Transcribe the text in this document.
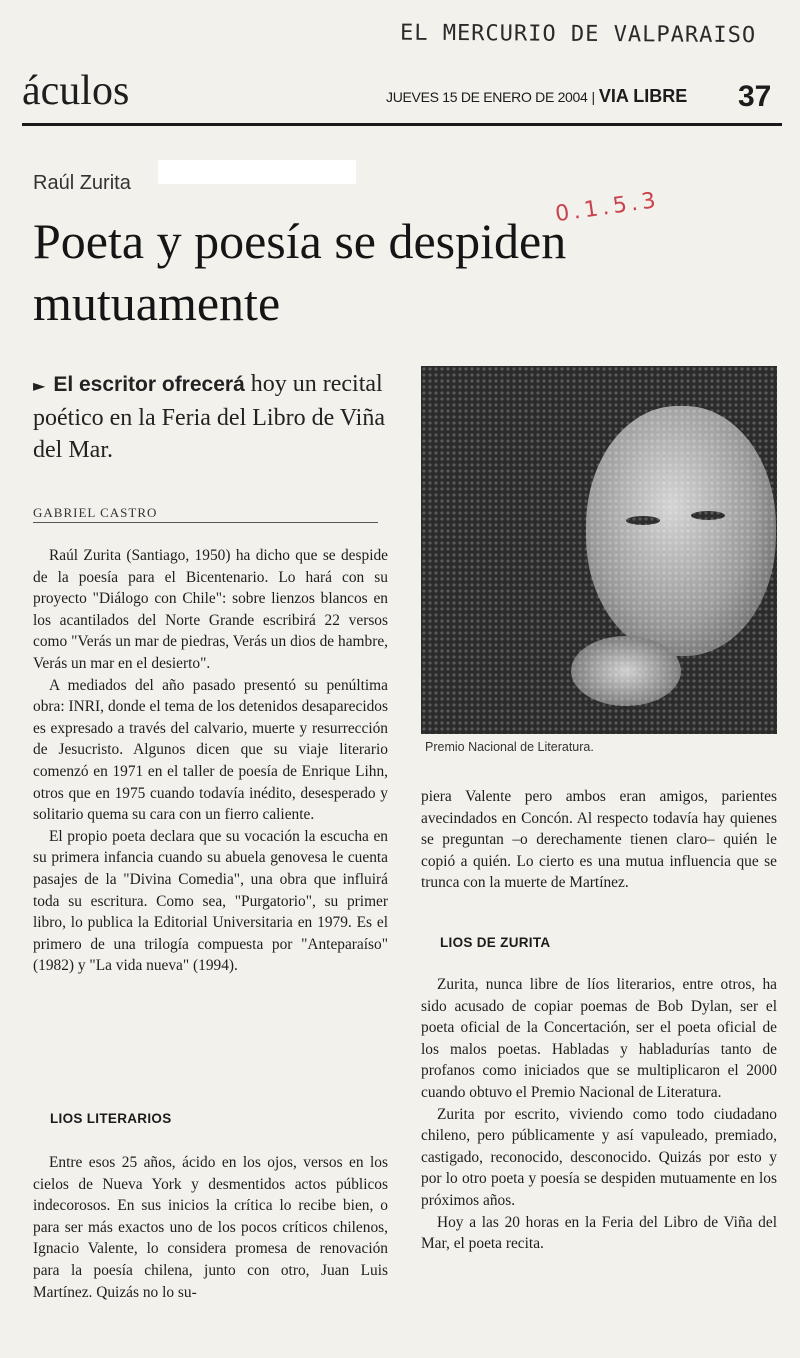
EL MERCURIO DE VALPARAISO
áculos	JUEVES 15 DE ENERO DE 2004 | VIA LIBRE	37
Raúl Zurita
Poeta y poesía se despiden mutuamente
0.1.5.3
► El escritor ofrecerá hoy un recital poético en la Feria del Libro de Viña del Mar.
GABRIEL CASTRO
Premio Nacional de Literatura.

Raúl Zurita (Santiago, 1950) ha dicho que se despide de la poesía para el Bicentenario. Lo hará con su proyecto "Diálogo con Chile": sobre lienzos blancos en los acantilados del Norte Grande escribirá 22 versos como "Verás un mar de piedras, Verás un dios de hambre, Verás un mar en el desierto".

A mediados del año pasado presentó su penúltima obra: INRI, donde el tema de los detenidos desaparecidos es expresado a través del calvario, muerte y resurrección de Jesucristo. Algunos dicen que su viaje literario comenzó en 1971 en el taller de poesía de Enrique Lihn, otros que en 1975 cuando todavía inédito, desesperado y solitario quema su cara con un fierro caliente.

El propio poeta declara que su vocación la escucha en su primera infancia cuando su abuela genovesa le cuenta pasajes de la "Divina Comedia", una obra que influirá toda su escritura. Como sea, "Purgatorio", su primer libro, lo publica la Editorial Universitaria en 1979. Es el primero de una trilogía compuesta por "Anteparaíso" (1982) y "La vida nueva" (1994).

LIOS LITERARIOS

Entre esos 25 años, ácido en los ojos, versos en los cielos de Nueva York y desmentidos actos públicos indecorosos. En sus inicios la crítica lo recibe bien, o para ser más exactos uno de los pocos críticos chilenos, Ignacio Valente, lo considera promesa de renovación para la poesía chilena, junto con otro, Juan Luis Martínez. Quizás no lo su-

piera Valente pero ambos eran amigos, parientes avecindados en Concón. Al respecto todavía hay quienes se preguntan –o derechamente tienen claro– quién le copió a quién. Lo cierto es una mutua influencia que se trunca con la muerte de Martínez.

LIOS DE ZURITA

Zurita, nunca libre de líos literarios, entre otros, ha sido acusado de copiar poemas de Bob Dylan, ser el poeta oficial de la Concertación, ser el poeta oficial de los malos poetas. Habladas y habladurías tanto de profanos como iniciados que se multiplicaron el 2000 cuando obtuvo el Premio Nacional de Literatura.

Zurita por escrito, viviendo como todo ciudadano chileno, pero públicamente y así vapuleado, premiado, castigado, reconocido, desconocido. Quizás por esto y por lo otro poeta y poesía se despiden mutuamente en los próximos años.

Hoy a las 20 horas en la Feria del Libro de Viña del Mar, el poeta recita.
